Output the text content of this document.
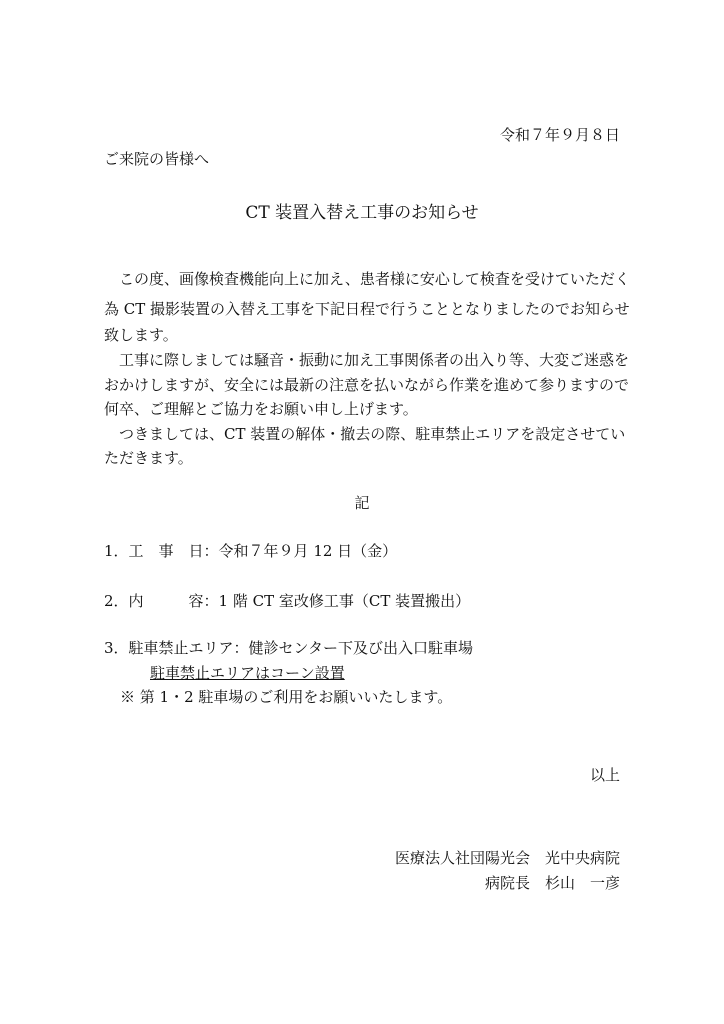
令和７年９月８日
ご来院の皆様へ
CT 装置入替え工事のお知らせ
　この度、画像検査機能向上に加え、患者様に安心して検査を受けていただく
為 CT 撮影装置の入替え工事を下記日程で行うこととなりましたのでお知らせ
致します。
　工事に際しましては騒音・振動に加え工事関係者の出入り等、大変ご迷惑を
おかけしますが、安全には最新の注意を払いながら作業を進めて参りますので
何卒、ご理解とご協力をお願い申し上げます。
　つきましては、CT 装置の解体・撤去の際、駐車禁止エリアを設定させてい
ただきます。
記
1．工　事　日：令和７年９月 12 日（金）
2．内　　　容：1 階 CT 室改修工事（CT 装置搬出）
3．駐車禁止エリア：健診センター下及び出入口駐車場
駐車禁止エリアはコーン設置
※ 第 1・2 駐車場のご利用をお願いいたします。
以上
医療法人社団陽光会　光中央病院
病院長　杉山　一彦
